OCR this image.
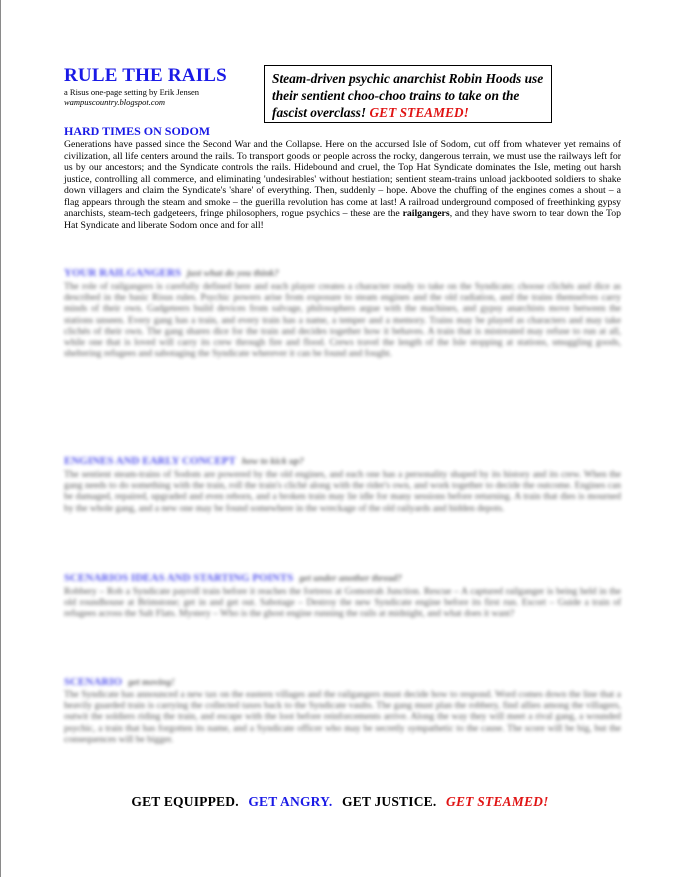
RULE THE RAILS
a Risus one-page setting by Erik Jensen
wampuscountry.blogspot.com
Steam-driven psychic anarchist Robin Hoods use their sentient choo-choo trains to take on the fascist overclass! GET STEAMED!
HARD TIMES ON SODOM
Generations have passed since the Second War and the Collapse. Here on the accursed Isle of Sodom, cut off from whatever yet remains of civilization, all life centers around the rails. To transport goods or people across the rocky, dangerous terrain, we must use the railways left for us by our ancestors; and the Syndicate controls the rails. Hidebound and cruel, the Top Hat Syndicate dominates the Isle, meting out harsh justice, controlling all commerce, and eliminating 'undesirables' without hestiation; sentient steam-trains unload jackbooted soldiers to shake down villagers and claim the Syndicate's 'share' of everything. Then, suddenly – hope. Above the chuffing of the engines comes a shout – a flag appears through the steam and smoke – the guerilla revolution has come at last! A railroad underground composed of freethinking gypsy anarchists, steam-tech gadgeteers, fringe philosophers, rogue psychics – these are the railgangers, and they have sworn to tear down the Top Hat Syndicate and liberate Sodom once and for all!
YOUR RAILGANGERS just what do you think?
The role of railgangers is carefully defined here and each player creates a character ready to take on the Syndicate; choose clichés and dice as described in the basic Risus rules. Psychic powers arise from exposure to steam engines and the old radiation, and the trains themselves carry minds of their own. Gadgeteers build devices from salvage, philosophers argue with the machines, and gypsy anarchists move between the stations unseen. Every gang has a train, and every train has a name, a temper and a memory. Trains may be played as characters and may take clichés of their own. The gang shares dice for the train and decides together how it behaves. A train that is mistreated may refuse to run at all, while one that is loved will carry its crew through fire and flood. Crews travel the length of the Isle stopping at stations, smuggling goods, sheltering refugees and sabotaging the Syndicate wherever it can be found and fought.
ENGINES AND EARLY CONCEPT how to kick up?
The sentient steam-trains of Sodom are powered by the old engines, and each one has a personality shaped by its history and its crew. When the gang needs to do something with the train, roll the train's cliché along with the rider's own, and work together to decide the outcome. Engines can be damaged, repaired, upgraded and even reborn, and a broken train may lie idle for many sessions before returning. A train that dies is mourned by the whole gang, and a new one may be found somewhere in the wreckage of the old railyards and hidden depots.
SCENARIOS IDEAS AND STARTING POINTS get under another thread?
Robbery – Rob a Syndicate payroll train before it reaches the fortress at Gomorrah Junction. Rescue – A captured railganger is being held in the old roundhouse at Brimstone; get in and get out. Sabotage – Destroy the new Syndicate engine before its first run. Escort – Guide a train of refugees across the Salt Flats. Mystery – Who is the ghost engine running the rails at midnight, and what does it want?
SCENARIO get moving!
The Syndicate has announced a new tax on the eastern villages and the railgangers must decide how to respond. Word comes down the line that a heavily guarded train is carrying the collected taxes back to the Syndicate vaults. The gang must plan the robbery, find allies among the villagers, outwit the soldiers riding the train, and escape with the loot before reinforcements arrive. Along the way they will meet a rival gang, a wounded psychic, a train that has forgotten its name, and a Syndicate officer who may be secretly sympathetic to the cause. The score will be big, but the consequences will be bigger.
GET EQUIPPED. GET ANGRY. GET JUSTICE. GET STEAMED!
